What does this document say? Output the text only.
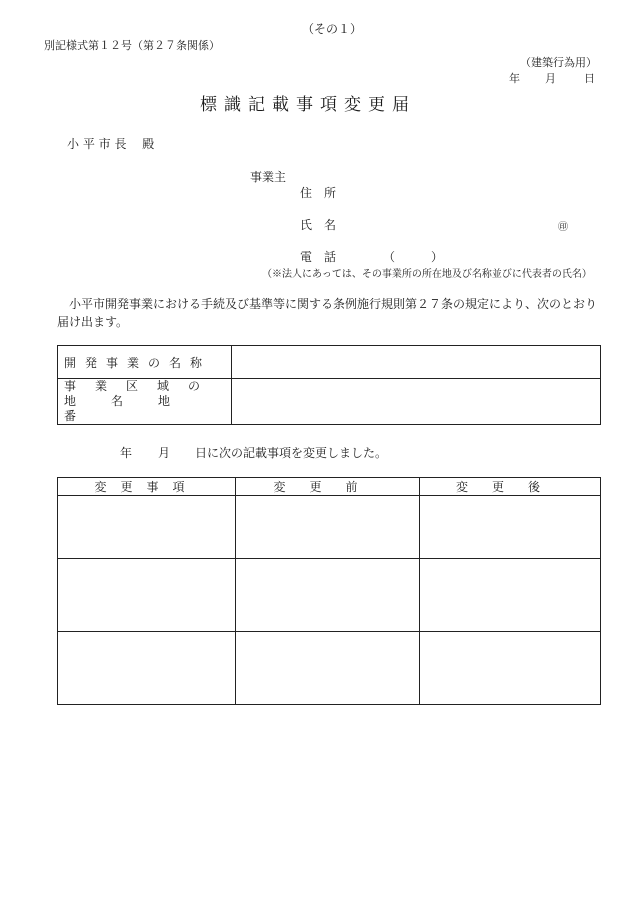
（その１）
別記様式第１２号（第２７条関係）
（建築行為用）
年 月	日
標識記載事項変更届
小 平 市 長　 殿
事業主
住　所
氏　名	㊞
電　話	（　　　）
（※法人にあっては、その事業所の所在地及び名称並びに代表者の氏名）
小平市開発事業における手続及び基準等に関する条例施行規則第２７条の規定により、次のとおり届け出ます。
開発事業の名称	

事業区域の
地名地番	

年 月 日に次の記載事項を変更しました。
変更事項	変更前	変更後
